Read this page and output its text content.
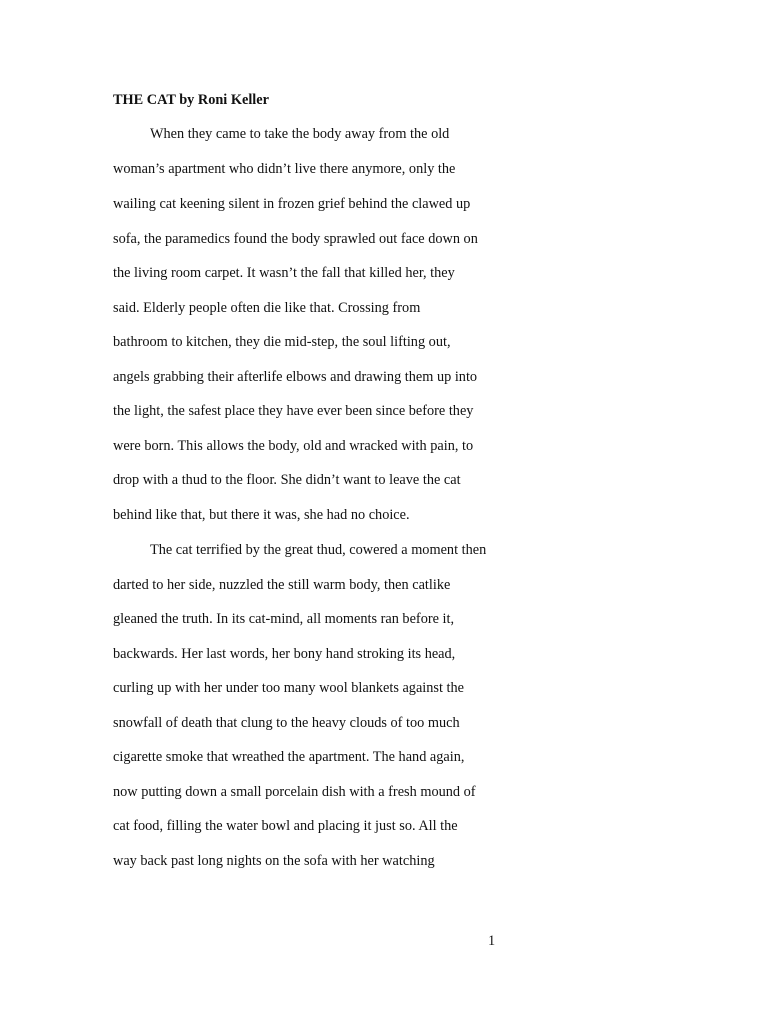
THE CAT by Roni Keller
When they came to take the body away from the old
woman’s apartment who didn’t live there anymore, only the
wailing cat keening silent in frozen grief behind the clawed up
sofa, the paramedics found the body sprawled out face down on
the living room carpet. It wasn’t the fall that killed her, they
said. Elderly people often die like that. Crossing from
bathroom to kitchen, they die mid-step, the soul lifting out,
angels grabbing their afterlife elbows and drawing them up into
the light, the safest place they have ever been since before they
were born. This allows the body, old and wracked with pain, to
drop with a thud to the floor. She didn’t want to leave the cat
behind like that, but there it was, she had no choice.
The cat terrified by the great thud, cowered a moment then
darted to her side, nuzzled the still warm body, then catlike
gleaned the truth. In its cat-mind, all moments ran before it,
backwards. Her last words, her bony hand stroking its head,
curling up with her under too many wool blankets against the
snowfall of death that clung to the heavy clouds of too much
cigarette smoke that wreathed the apartment. The hand again,
now putting down a small porcelain dish with a fresh mound of
cat food, filling the water bowl and placing it just so. All the
way back past long nights on the sofa with her watching
1
